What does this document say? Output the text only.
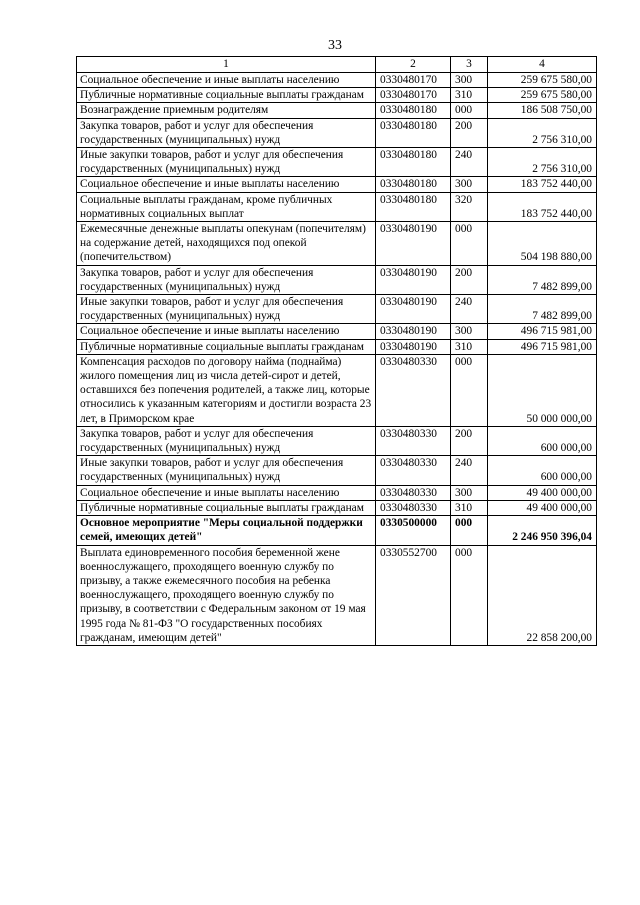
33
1	2	3	4
Социальное обеспечение и иные выплаты населению	0330480170	300	259 675 580,00
Публичные нормативные социальные выплаты гражданам	0330480170	310	259 675 580,00
Вознаграждение приемным родителям	0330480180	000	186 508 750,00
Закупка товаров, работ и услуг для обеспечения государственных (муниципальных) нужд	0330480180	200	2 756 310,00
Иные закупки товаров, работ и услуг для обеспечения государственных (муниципальных) нужд	0330480180	240	2 756 310,00
Социальное обеспечение и иные выплаты населению	0330480180	300	183 752 440,00
Социальные выплаты гражданам, кроме публичных нормативных социальных выплат	0330480180	320	183 752 440,00
Ежемесячные денежные выплаты опекунам (попечителям) на содержание детей, находящихся под опекой (попечительством)	0330480190	000	504 198 880,00
Закупка товаров, работ и услуг для обеспечения государственных (муниципальных) нужд	0330480190	200	7 482 899,00
Иные закупки товаров, работ и услуг для обеспечения государственных (муниципальных) нужд	0330480190	240	7 482 899,00
Социальное обеспечение и иные выплаты населению	0330480190	300	496 715 981,00
Публичные нормативные социальные выплаты гражданам	0330480190	310	496 715 981,00
Компенсация расходов по договору найма (поднайма) жилого помещения лиц из числа детей-сирот и детей, оставшихся без попечения родителей, а также лиц, которые относились к указанным категориям и достигли возраста 23 лет, в Приморском крае	0330480330	000	50 000 000,00
Закупка товаров, работ и услуг для обеспечения государственных (муниципальных) нужд	0330480330	200	600 000,00
Иные закупки товаров, работ и услуг для обеспечения государственных (муниципальных) нужд	0330480330	240	600 000,00
Социальное обеспечение и иные выплаты населению	0330480330	300	49 400 000,00
Публичные нормативные социальные выплаты гражданам	0330480330	310	49 400 000,00
Основное мероприятие "Меры социальной поддержки семей, имеющих детей"	0330500000	000	2 246 950 396,04
Выплата единовременного пособия беременной жене военнослужащего, проходящего военную службу по призыву, а также ежемесячного пособия на ребенка военнослужащего, проходящего военную службу по призыву, в соответствии с Федеральным законом от 19 мая 1995 года № 81-ФЗ "О государственных пособиях гражданам, имеющим детей"	0330552700	000	22 858 200,00
